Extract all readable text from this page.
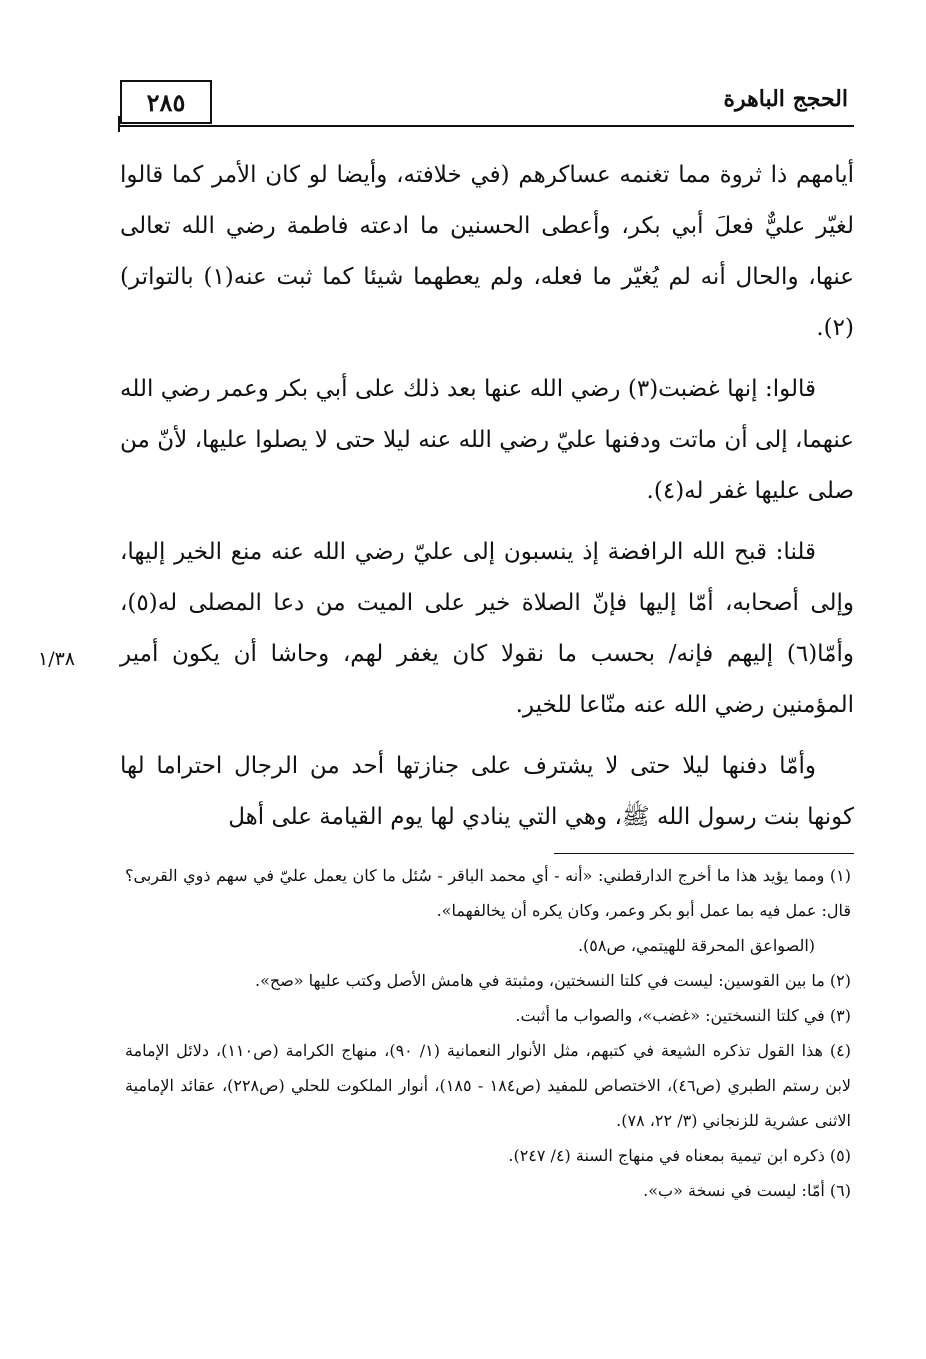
الحجج الباهرة
٢٨٥
١/٣٨

أيامهم ذا ثروة مما تغنمه عساكرهم (في خلافته، وأيضا لو كان الأمر كما قالوا لغيّر عليٌّ فعلَ أبي بكر، وأعطى الحسنين ما ادعته فاطمة رضي الله تعالى عنها، والحال أنه لم يُغيّر ما فعله، ولم يعطهما شيئا كما ثبت عنه(١) بالتواتر)(٢).

قالوا: إنها غضبت(٣) رضي الله عنها بعد ذلك على أبي بكر وعمر رضي الله عنهما، إلى أن ماتت ودفنها عليّ رضي الله عنه ليلا حتى لا يصلوا عليها، لأنّ من صلى عليها غفر له(٤).

قلنا: قبح الله الرافضة إذ ينسبون إلى عليّ رضي الله عنه منع الخير إليها، وإلى أصحابه، أمّا إليها فإنّ الصلاة خير على الميت من دعا المصلى له(٥)، وأمّا(٦) إليهم فإنه/ بحسب ما نقولا كان يغفر لهم، وحاشا أن يكون أمير المؤمنين رضي الله عنه منّاعا للخير.

وأمّا دفنها ليلا حتى لا يشترف على جنازتها أحد من الرجال احتراما لها كونها بنت رسول الله ﷺ، وهي التي ينادي لها يوم القيامة على أهل

(١) ومما يؤيد هذا ما أخرج الدارقطني: «أنه - أي محمد الباقر - سُئل ما كان يعمل عليّ في سهم ذوي القربى؟ قال: عمل فيه بما عمل أبو بكر وعمر، وكان يكره أن يخالفهما».

(الصواعق المحرقة للهيتمي، ص٥٨).

(٢) ما بين القوسين: ليست في كلتا النسختين، ومثبتة في هامش الأصل وكتب عليها «صح».

(٣) في كلتا النسختين: «غضب»، والصواب ما أثبت.

(٤) هذا القول تذكره الشيعة في كتبهم، مثل الأنوار النعمانية (١/ ٩٠)، منهاج الكرامة (ص١١٠)، دلائل الإمامة لابن رستم الطبري (ص٤٦)، الاختصاص للمفيد (ص١٨٤ - ١٨٥)، أنوار الملكوت للحلي (ص٢٢٨)، عقائد الإمامية الاثنى عشرية للزنجاني (٣/ ٢٢، ٧٨).

(٥) ذكره ابن تيمية بمعناه في منهاج السنة (٤/ ٢٤٧).

(٦) أمّا: ليست في نسخة «ب».
